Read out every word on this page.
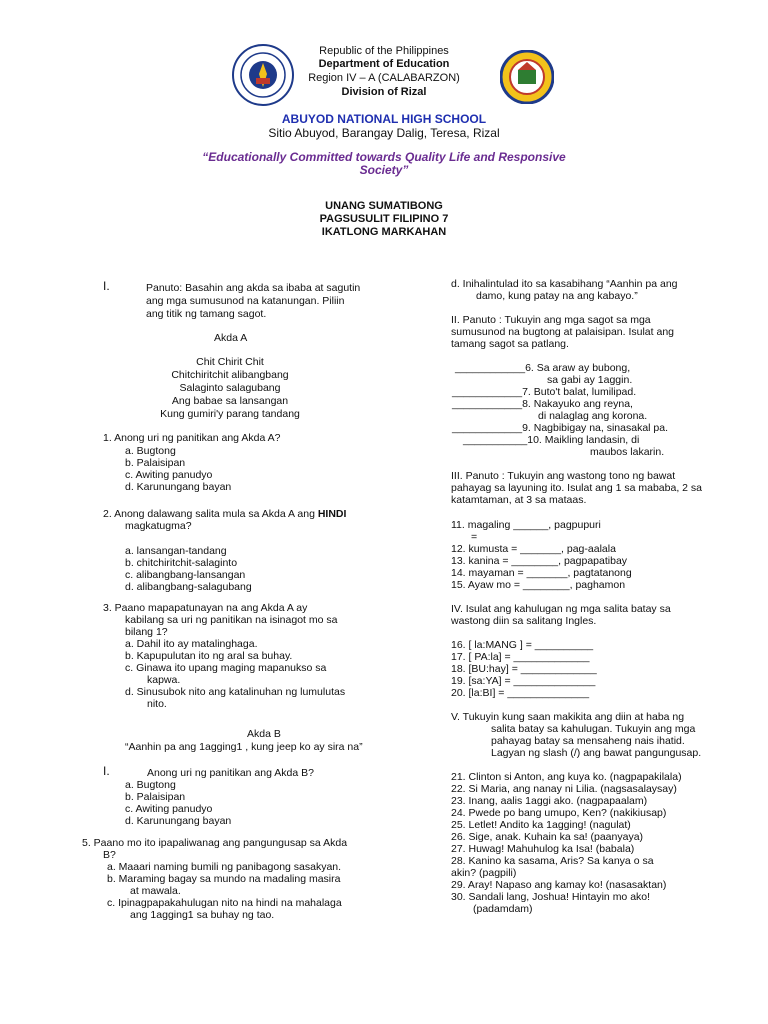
Republic of the Philippines
Department of Education
Region IV – A (CALABARZON)
Division of Rizal
ABUYOD NATIONAL HIGH SCHOOL
Sitio Abuyod, Barangay Dalig, Teresa, Rizal
“Educationally Committed towards Quality Life and Responsive
Society”
UNANG SUMATIBONG
PAGSUSULIT FILIPINO 7
IKATLONG MARKAHAN
I.	Panuto: Basahin ang akda sa ibaba at sagutin
ang mga sumusunod na katanungan. Piliin
ang titik ng tamang sagot.
Akda A
Chit Chirit Chit
Chitchiritchit alibangbang
Salaginto salagubang
Ang babae sa lansangan
Kung gumiri'y parang tandang
1. Anong uri ng panitikan ang Akda A?
a. Bugtong
b. Palaisipan
c. Awiting panudyo
d. Karunungang bayan
2. Anong dalawang salita mula sa Akda A ang HINDI
magkatugma?
a. lansangan-tandang
b. chitchiritchit-salaginto
c. alibangbang-lansangan
d. alibangbang-salagubang
3. Paano mapapatunayan na ang Akda A ay
kabilang sa uri ng panitikan na isinagot mo sa
bilang 1?
a. Dahil ito ay matalinghaga.
b. Kapupulutan ito ng aral sa buhay.
c. Ginawa ito upang maging mapanukso sa
kapwa.
d. Sinusubok nito ang katalinuhan ng lumulutas
nito.
Akda B
“Aanhin pa ang 1agging1 , kung jeep ko ay sira na”
I.	Anong uri ng panitikan ang Akda B?
a. Bugtong
b. Palaisipan
c. Awiting panudyo
d. Karunungang bayan
5. Paano mo ito ipapaliwanag ang pangungusap sa Akda
B?
a. Maaari naming bumili ng panibagong sasakyan.
b. Maraming bagay sa mundo na madaling masira
at mawala.
c. Ipinagpapakahulugan nito na hindi na mahalaga
ang 1agging1 sa buhay ng tao.
d. Inihalintulad ito sa kasabihang “Aanhin pa ang
damo, kung patay na ang kabayo.”
II. Panuto : Tukuyin ang mga sagot sa mga
sumusunod na bugtong at palaisipan. Isulat ang
tamang sagot sa patlang.
____________6. Sa araw ay bubong,
sa gabi ay 1aggin.
____________7. Buto't balat, lumilipad.
____________8. Nakayuko ang reyna,
di nalaglag ang korona.
____________9. Nagbibigay na, sinasakal pa.
___________10. Maikling landasin, di
maubos lakarin.
III. Panuto : Tukuyin ang wastong tono ng bawat
pahayag sa layuning ito. Isulat ang 1 sa mababa, 2 sa
katamtaman, at 3 sa mataas.
11. magaling ______, pagpupuri
=
12. kumusta = _______, pag-aalala
13. kanina = ________, pagpapatibay
14. mayaman = _______, pagtatanong
15. Ayaw mo = ________, paghamon
IV. Isulat ang kahulugan ng mga salita batay sa
wastong diin sa salitang Ingles.
16. [ la:MANG ] = __________
17. [ PA:la] = _____________
18. [BU:hay] = _____________
19. [sa:YA] = ______________
20. [la:BI] = ______________
V. Tukuyin kung saan makikita ang diin at haba ng
salita batay sa kahulugan. Tukuyin ang mga
pahayag batay sa mensaheng nais ihatid.
Lagyan ng slash (/) ang bawat pangungusap.
21. Clinton si Anton, ang kuya ko. (nagpapakilala)
22. Si Maria, ang nanay ni Lilia. (nagsasalaysay)
23. Inang, aalis 1aggi ako. (nagpapaalam)
24. Pwede po bang umupo, Ken? (nakikiusap)
25. Letlet! Andito ka 1agging! (nagulat)
26. Sige, anak. Kuhain ka sa! (paanyaya)
27. Huwag! Mahuhulog ka Isa! (babala)
28. Kanino ka sasama, Aris? Sa kanya o sa
akin? (pagpili)
29. Aray! Napaso ang kamay ko! (nasasaktan)
30. Sandali lang, Joshua! Hintayin mo ako!
(padamdam)
